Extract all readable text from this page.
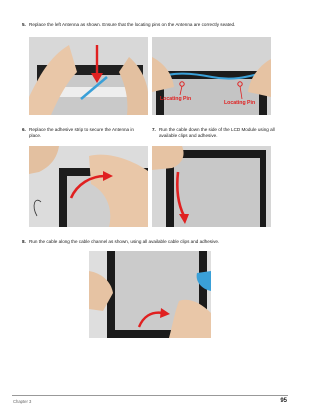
5. Replace the left Antenna as shown. Ensure that the locating pins on the Antenna are correctly seated.
Locating Pin
Locating Pin
6. Replace the adhesive strip to secure the Antenna in place.
7. Run the cable down the side of the LCD Module using all available clips and adhesive.
8. Run the cable along the cable channel as shown, using all available cable clips and adhesive.
Chapter 3	95
